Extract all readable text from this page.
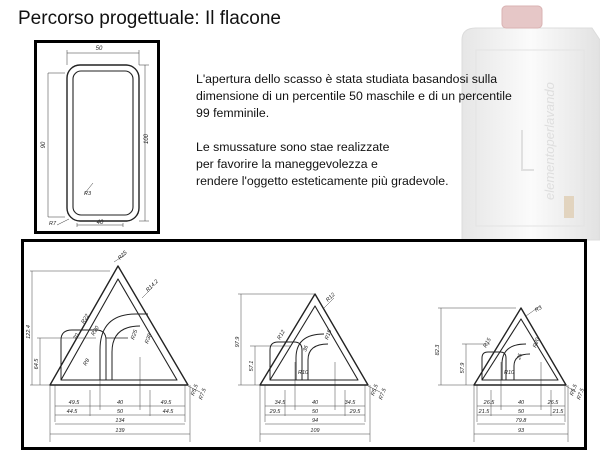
Percorso progettuale: Il flacone
elementoperlavando
50
90
100
40
R3
R7
L'apertura dello scasso è stata studiata basandosi sulla
dimensione di un percentile 50 maschile e di un percentile
99 femminile.
Le smussature sono stae realizzate
per favorire la maneggevolezza e
rendere l'oggetto esteticamente più gradevole.
122.4
64.5
R25
R14.2
R22
R20	R25
R8
R38
70
R5.5
R7.5
49.5	40	49.5
44.5	50	44.5
134
139
97.9
57.1
R12
R12
R10
R15
36
R5.5
R7.5
34.5	40	34.5
29.5	50	29.5
94
109
82.3
57.9
R3
R15
R10
R20
25
R5.5
R7.5
26.5	40	26.5
21.5	50	21.5
79.8
93
